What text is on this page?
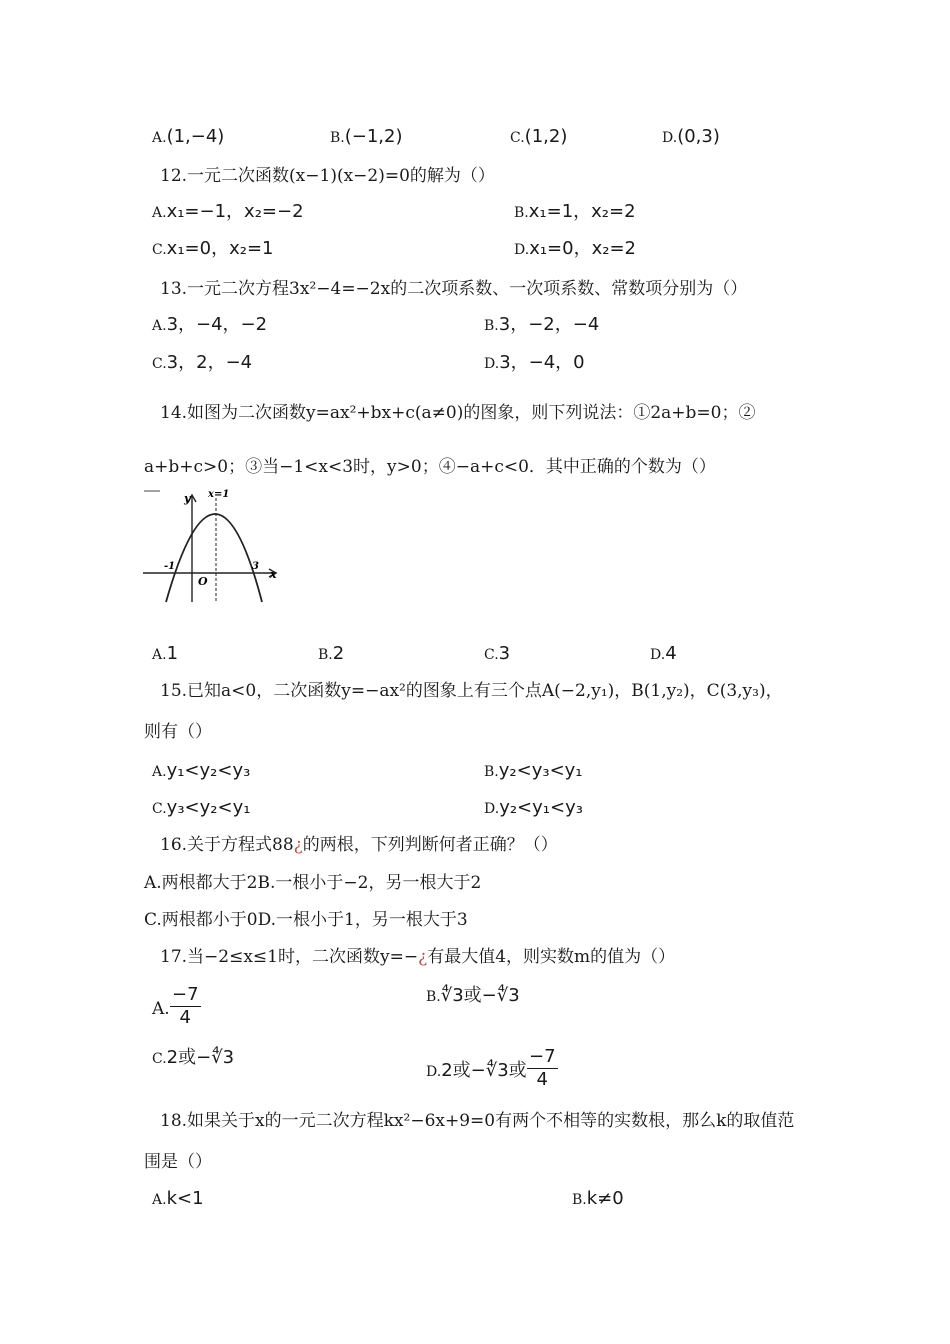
A.(1,−4)	B.(−1,2)	C.(1,2)	D.(0,3)
12.一元二次函数(x−1)(x−2)=0的解为（）
A.x₁=−1，x₂=−2	B.x₁=1，x₂=2
C.x₁=0，x₂=1	D.x₁=0，x₂=2
13.一元二次方程3x²−4=−2x的二次项系数、一次项系数、常数项分别为（）
A.3，−4，−2	B.3，−2，−4
C.3，2，−4	D.3，−4，0
14.如图为二次函数y=ax²+bx+c(a≠0)的图象，则下列说法：①2a+b=0；②
a+b+c>0；③当−1<x<3时，y>0；④−a+c<0．其中正确的个数为（）
y
x
x=1
-1	3
O
A.1	B.2	C.3	D.4
15.已知a<0，二次函数y=−ax²的图象上有三个点A(−2,y₁)，B(1,y₂)，C(3,y₃)，
则有（）
A.y₁<y₂<y₃	B.y₂<y₃<y₁
C.y₃<y₂<y₁	D.y₂<y₁<y₃
16.关于方程式88¿的两根，下列判断何者正确？（）
A.两根都大于2B.一根小于−2，另一根大于2
C.两根都小于0D.一根小于1，另一根大于3
17.当−2≤x≤1时，二次函数y=−¿有最大值4，则实数m的值为（）
A. $\frac{-7}{4}$	B.∜3或−∜3
C.2或−∜3
D.2或−∜3或 $\frac{-7}{4}$
18.如果关于x的一元二次方程kx²−6x+9=0有两个不相等的实数根，那么k的取值范
围是（）
A.k<1	B.k≠0
